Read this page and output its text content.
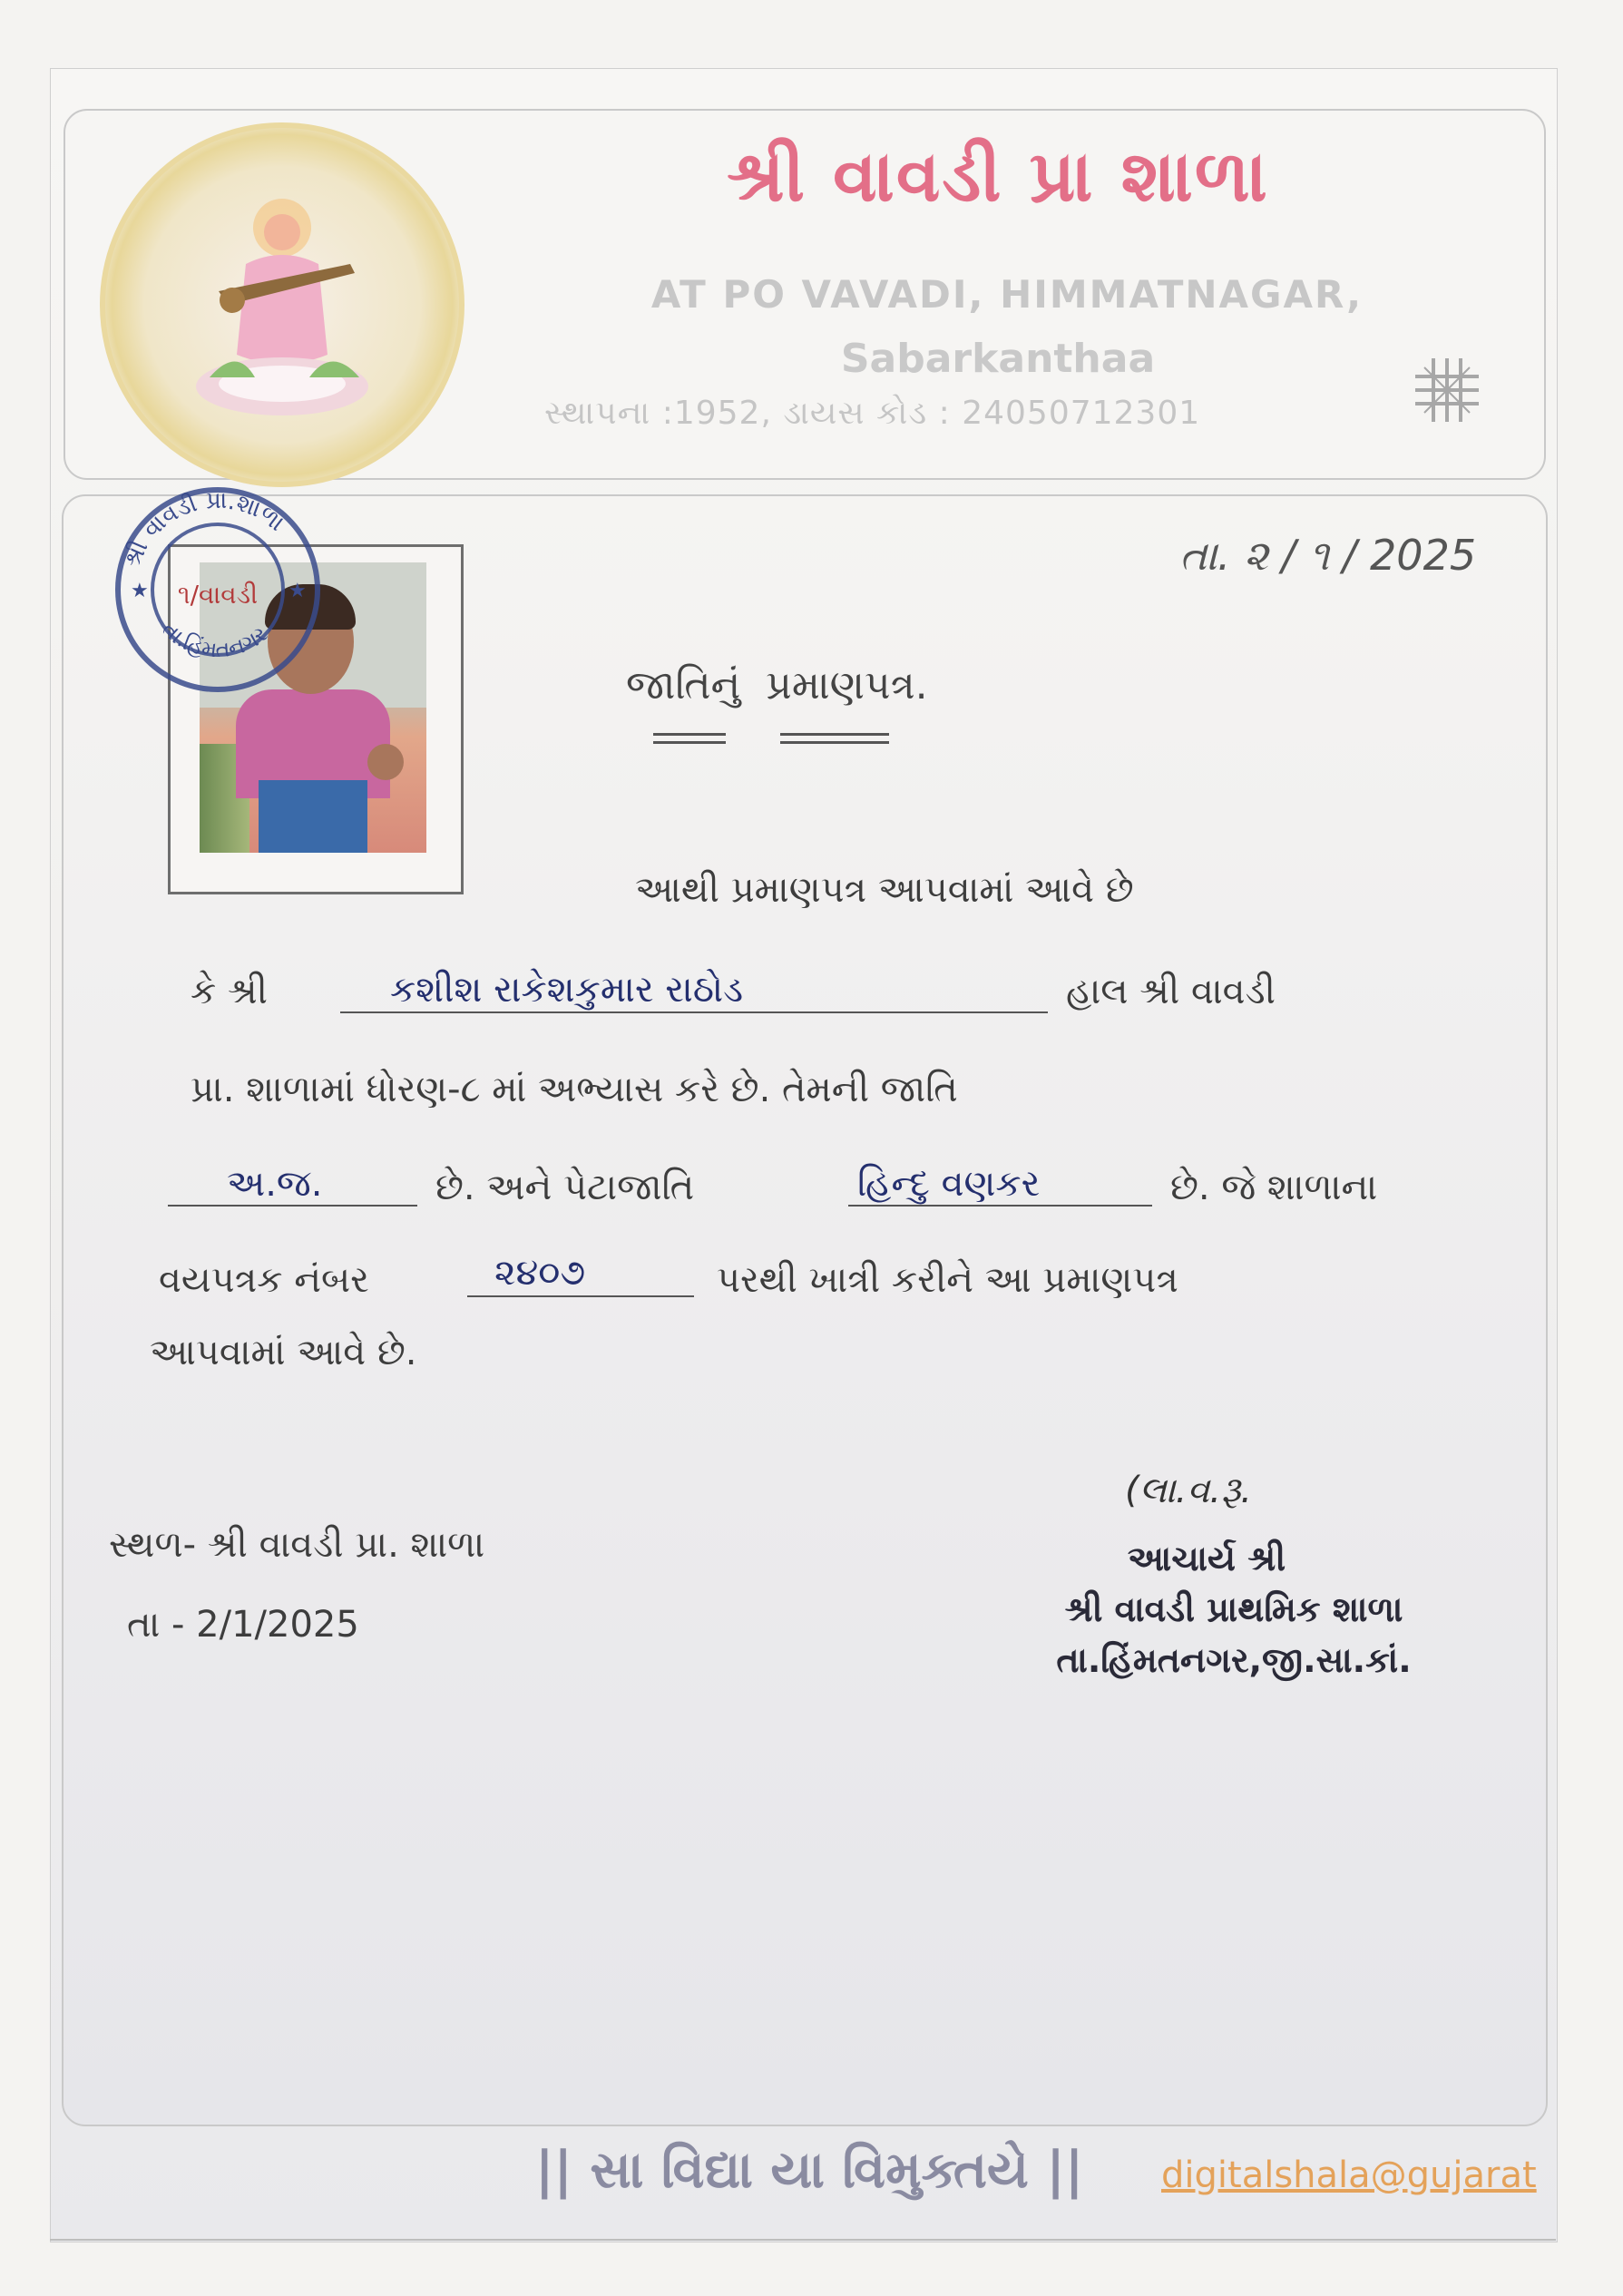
શ્રી વાવડી પ્રા શાળા
AT PO VAVADI, HIMMATNAGAR,
Sabarkanthaa
સ્થાપના :1952, ડાયસ કોડ : 24050712301
શ્રી વાવડી પ્રા.શાળા
તા.હિંમતનગર
૧/વાવડી
★	★
તા. ૨ / ૧ / 2025
જાતિનું પ્રમાણપત્ર.
આથી પ્રમાણપત્ર આપવામાં આવે છે
કે શ્રી	કશીશ રાકેશકુમાર રાઠોડ	હાલ શ્રી વાવડી
પ્રા. શાળામાં ધોરણ-૮ માં અભ્યાસ કરે છે. તેમની જાતિ
અ.જ.	છે. અને પેટાજાતિ	હિન્દુ વણકર	છે. જે શાળાના
વયપત્રક નંબર	૨૪૦૭	પરથી ખાત્રી કરીને આ પ્રમાણપત્ર
આપવામાં આવે છે.
સ્થળ- શ્રી વાવડી પ્રા. શાળા
તા - 2/1/2025
(લા.વ.રૂ.
આચાર્ય શ્રી
શ્રી વાવડી પ્રાથમિક શાળા
તા.હિંમતનગર,જી.સા.કાં.
|| સા વિદ્યા યા વિમુક્તયે || digitalshala@gujarat
